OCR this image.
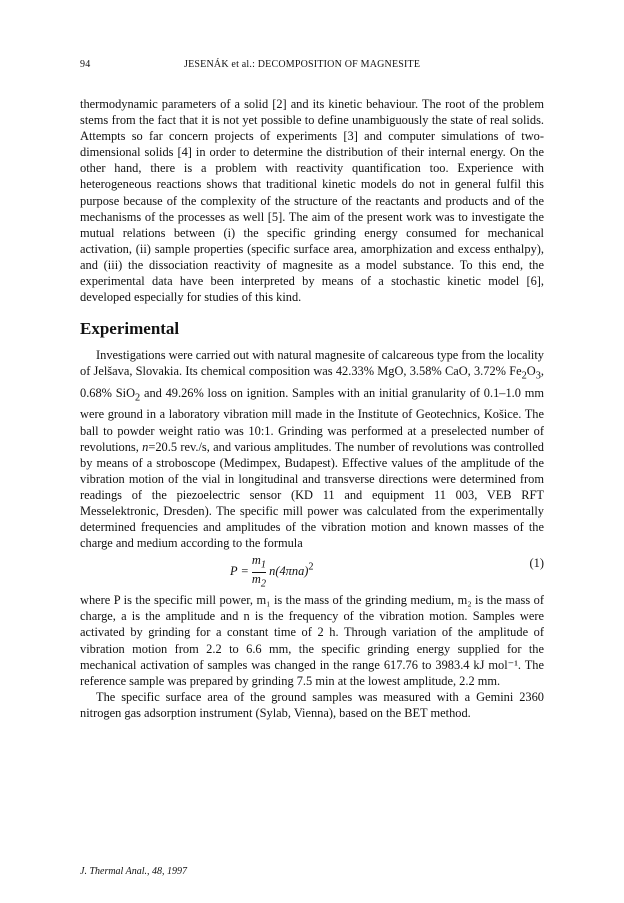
94	JESENÁK et al.: DECOMPOSITION OF MAGNESITE

thermodynamic parameters of a solid [2] and its kinetic behaviour. The root of the problem stems from the fact that it is not yet possible to define unambiguously the state of real solids. Attempts so far concern projects of experiments [3] and computer simulations of two-dimensional solids [4] in order to determine the distribution of their internal energy. On the other hand, there is a problem with reactivity quantification too. Experience with heterogeneous reactions shows that traditional kinetic models do not in general fulfil this purpose because of the complexity of the structure of the reactants and products and of the mechanisms of the processes as well [5]. The aim of the present work was to investigate the mutual relations between (i) the specific grinding energy consumed for mechanical activation, (ii) sample properties (specific surface area, amorphization and excess enthalpy), and (iii) the dissociation reactivity of magnesite as a model substance. To this end, the experimental data have been interpreted by means of a stochastic kinetic model [6], developed especially for studies of this kind.

Experimental

Investigations were carried out with natural magnesite of calcareous type from the locality of Jelšava, Slovakia. Its chemical composition was 42.33% MgO, 3.58% CaO, 3.72% $Fe_2O_3$, 0.68% SiO$_2$ and 49.26% loss on ignition. Samples with an initial granularity of 0.1–1.0 mm were ground in a laboratory vibration mill made in the Institute of Geotechnics, Košice. The ball to powder weight ratio was 10:1. Grinding was performed at a preselected number of revolutions, n=20.5 rev./s, and various amplitudes. The number of revolutions was controlled by means of a stroboscope (Medimpex, Budapest). Effective values of the amplitude of the vibration motion of the vial in longitudinal and transverse directions were determined from readings of the piezoelectric sensor (KD 11 and equipment 11 003, VEB RFT Messelektronic, Dresden). The specific mill power was calculated from the experimentally determined frequencies and amplitudes of the vibration motion and known masses of the charge and medium according to the formula

$P = \frac{m_1}{m_2} n(4\pi na)^2$	(1)

where P is the specific mill power, m₁ is the mass of the grinding medium, m₂ is the mass of charge, a is the amplitude and n is the frequency of the vibration motion. Samples were activated by grinding for a constant time of 2 h. Through variation of the amplitude of vibration motion from 2.2 to 6.6 mm, the specific grinding energy supplied for the mechanical activation of samples was changed in the range 617.76 to 3983.4 kJ mol⁻¹. The reference sample was prepared by grinding 7.5 min at the lowest amplitude, 2.2 mm.

The specific surface area of the ground samples was measured with a Gemini 2360 nitrogen gas adsorption instrument (Sylab, Vienna), based on the BET method.

J. Thermal Anal., 48, 1997
